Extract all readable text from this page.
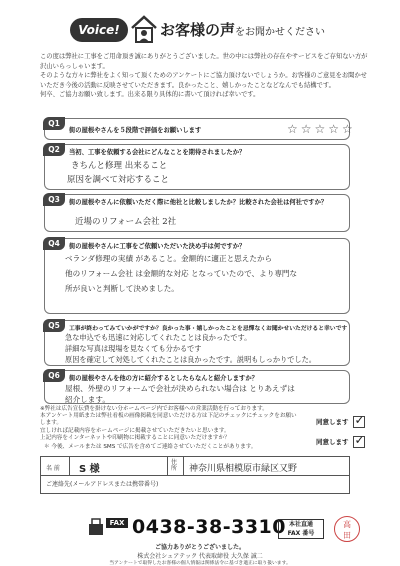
Voice!	お客様の声をお聞かせください
この度は弊社に工事をご用命頂き誠にありがとうございました。世の中には弊社の存在やサービスをご存知ない方が沢山いらっしゃいます。
そのような方々に弊社をよく知って頂くためのアンケートにご協力頂けないでしょうか。お客様のご意見をお聞かせいただき今後の活動に反映させていただきます。良かったこと、嬉しかったことなどなんでも結構です。
何卒、ご協力お願い致します。出来る限り具体的に書いて頂ければ幸いです。
Q1
街の屋根やさんを５段階で評価をお願いします	☆☆☆☆☆
Q2	当初、工事を依頼する会社にどんなことを期待されましたか？
きちんと修理 出来ること
原因を調べて対応すること
Q3	街の屋根やさんに依頼いただく際に他社と比較しましたか？比較された会社は何社ですか？
近場のリフォーム会社 2社
Q4	街の屋根やさんに工事をご依頼いただいた決め手は何ですか？
ベランダ修理の実績 があること。金額的に適正と思えたから
他のリフォーム会社 は金額的な対応 となっていたので、より専門な
所が良いと判断して決めました。
Q5	工事が終わってみていかがですか？良かった事・嬉しかったことを忌憚なくお聞かせいただけると幸いです
急な申込でも迅速に対応してくれたことは良かったです。
詳細な写真は現場を見なくても分かるです
原因を確定して対処してくれたことは良かったです。説明もしっかりでした。
Q6	街の屋根やさんを他の方に紹介するとしたらなんと紹介しますか？
屋根、外壁のリフォームで会社が決められない場合は とりあえずは
紹介します。
※弊社は広告宣伝費を掛けない分ホームページ内でお客様への営業活動を行っております。
本アンケート用紙または弊社看板の画像掲載を同意いただける方は下記のチェックにチェックをお願いします。
宜しければ記載内容をホームページに掲載させていただきたいと思います。
上記内容をインターネットや印刷物に掲載することに同意いただけますか？
同意します ✓
同意します ✓
＊ 今後、メールまたは SMS で広告を含めてご連絡させていただくことがあります。
名 前 S 様
住 所	神奈川県相模原市緑区又野
ご連絡先(メールアドレスまたは携帯番号)
FAX 0438-38-3310 本社直通
FAX 番号
高
田
ご協力ありがとうございました。
株式会社シェアテック 代表取締役 大久保 誠二
当アンケートで取得したお客様の個人情報は関係法令に基づき適正に取り扱います。
